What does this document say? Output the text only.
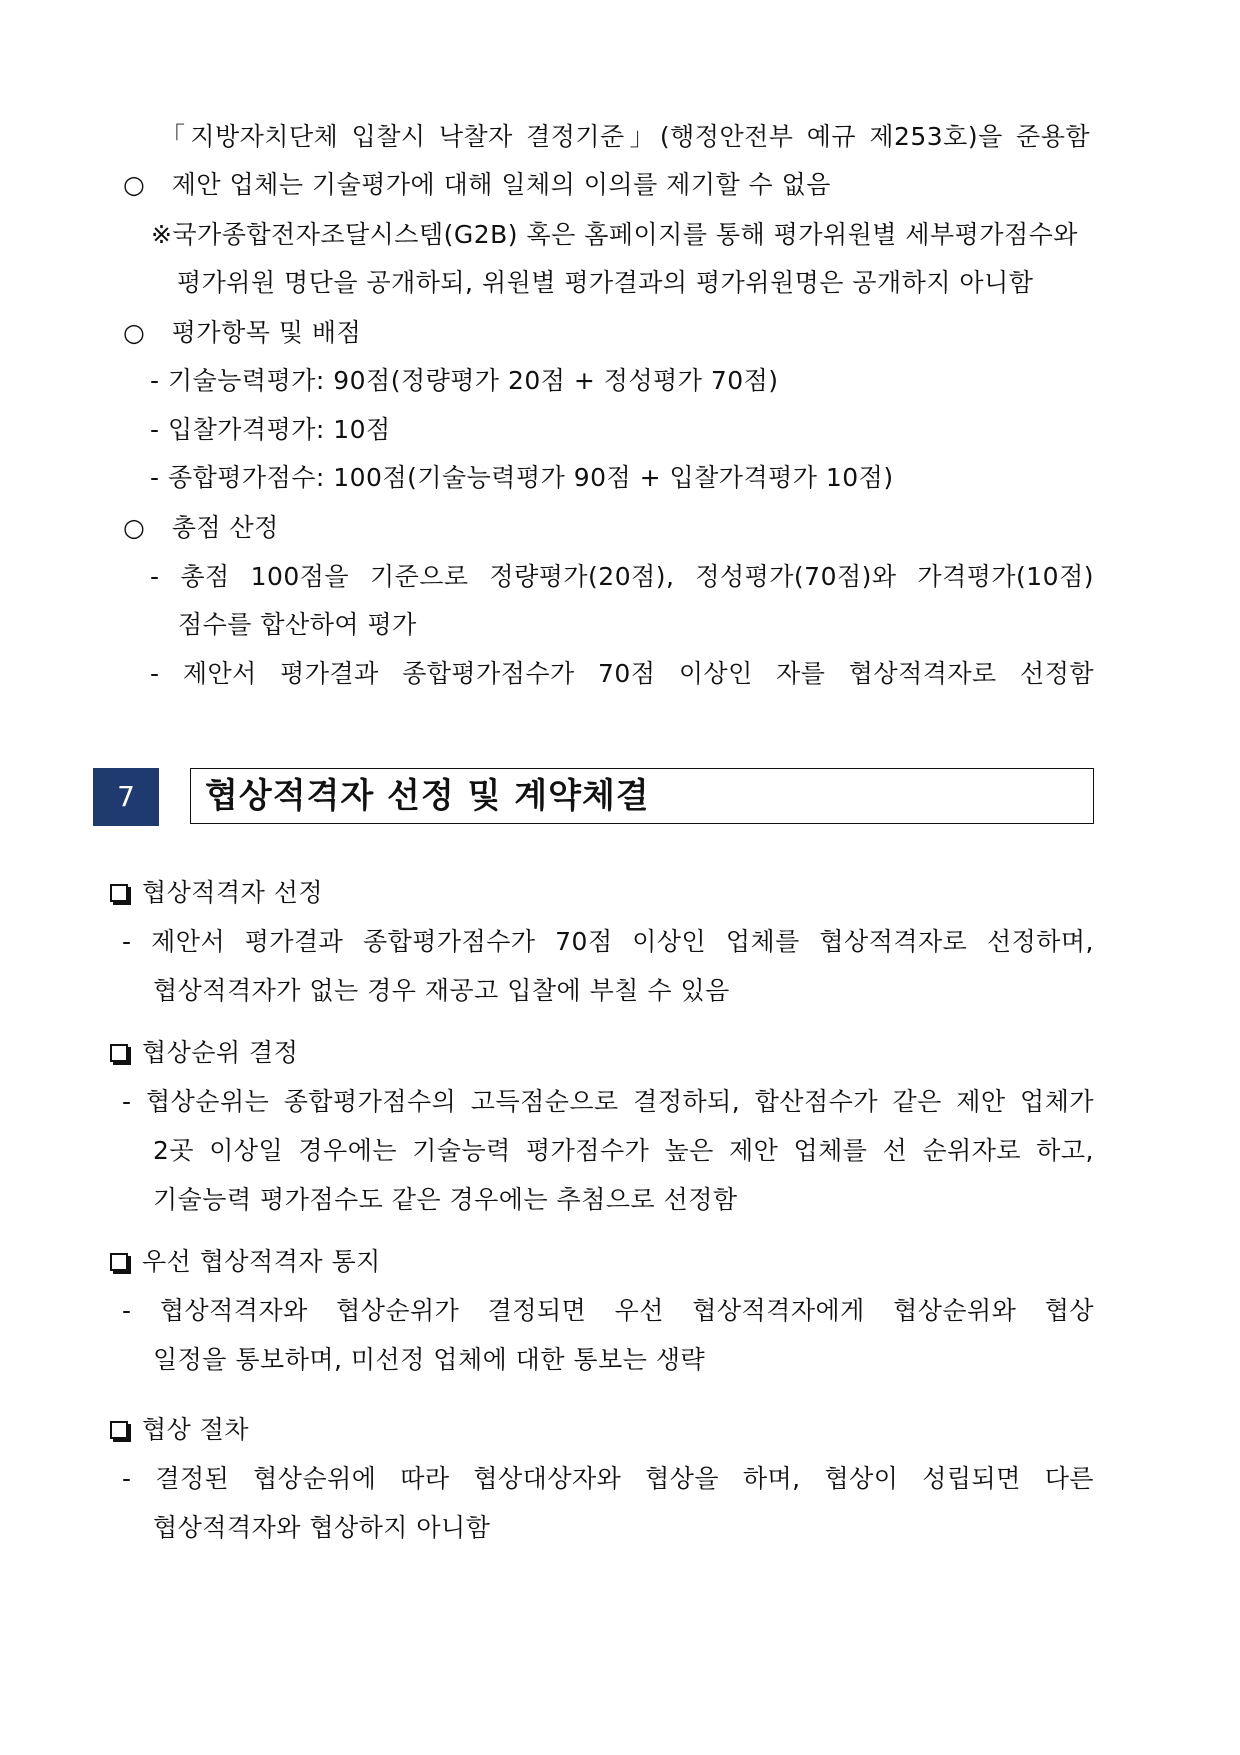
「지방자치단체 입찰시 낙찰자 결정기준」(행정안전부 예규 제253호)을 준용함
○ 제안 업체는 기술평가에 대해 일체의 이의를 제기할 수 없음
※국가종합전자조달시스템(G2B) 혹은 홈페이지를 통해 평가위원별 세부평가점수와
평가위원 명단을 공개하되, 위원별 평가결과의 평가위원명은 공개하지 아니함
○ 평가항목 및 배점
- 기술능력평가: 90점(정량평가 20점 + 정성평가 70점)
- 입찰가격평가: 10점
- 종합평가점수: 100점(기술능력평가 90점 + 입찰가격평가 10점)
○ 총점 산정
- 총점 100점을 기준으로 정량평가(20점), 정성평가(70점)와 가격평가(10점)
점수를 합산하여 평가
- 제안서 평가결과 종합평가점수가 70점 이상인 자를 협상적격자로 선정함
7	협상적격자 선정 및 계약체결
협상적격자 선정
- 제안서 평가결과 종합평가점수가 70점 이상인 업체를 협상적격자로 선정하며,
협상적격자가 없는 경우 재공고 입찰에 부칠 수 있음
협상순위 결정
- 협상순위는 종합평가점수의 고득점순으로 결정하되, 합산점수가 같은 제안 업체가
2곳 이상일 경우에는 기술능력 평가점수가 높은 제안 업체를 선 순위자로 하고,
기술능력 평가점수도 같은 경우에는 추첨으로 선정함
우선 협상적격자 통지
- 협상적격자와 협상순위가 결정되면 우선 협상적격자에게 협상순위와 협상
일정을 통보하며, 미선정 업체에 대한 통보는 생략
협상 절차
- 결정된 협상순위에 따라 협상대상자와 협상을 하며, 협상이 성립되면 다른
협상적격자와 협상하지 아니함
